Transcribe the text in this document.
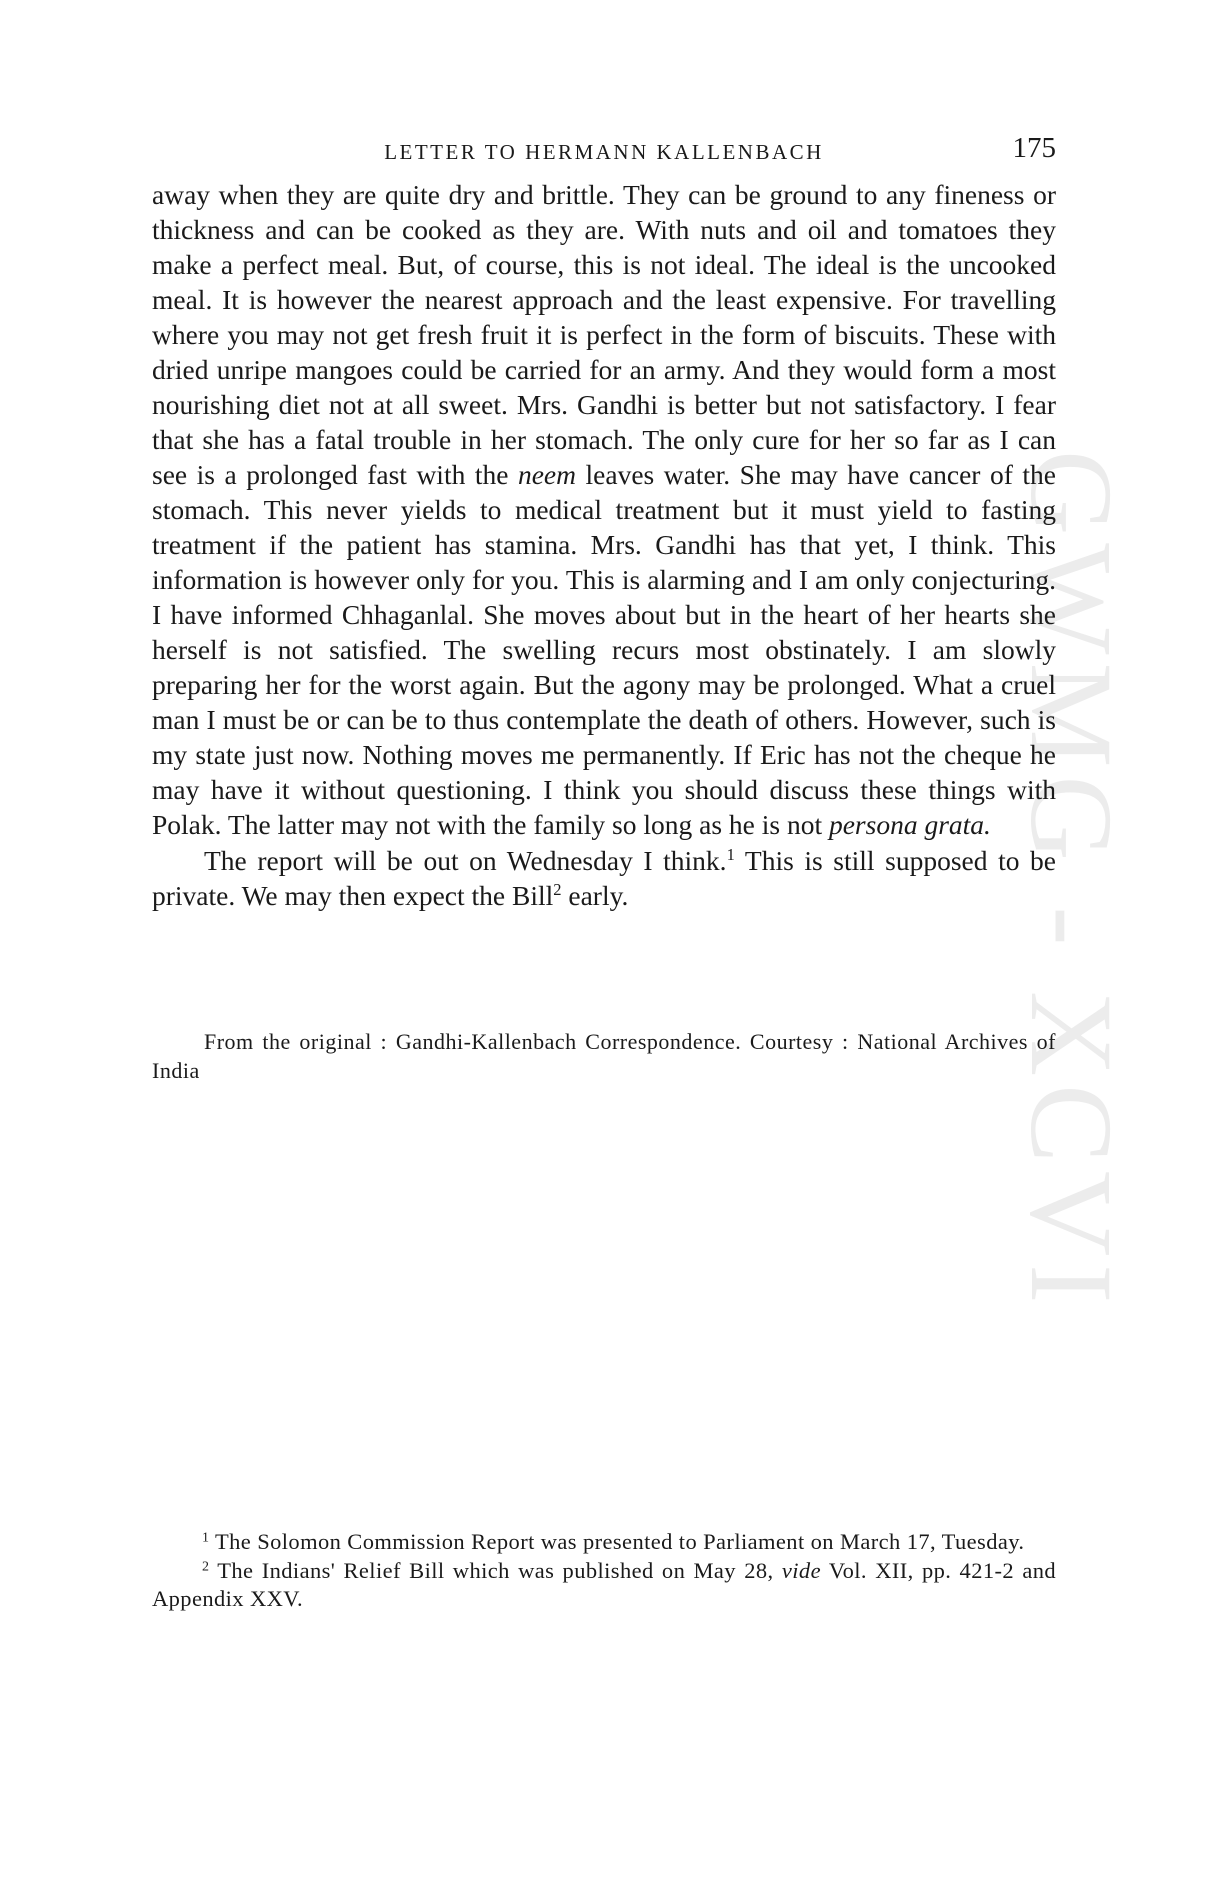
GWMG - XCVI
LETTER TO HERMANN KALLENBACH	175

away when they are quite dry and brittle. They can be ground to any fineness or thickness and can be cooked as they are. With nuts and oil and tomatoes they make a perfect meal. But, of course, this is not ideal. The ideal is the uncooked meal. It is however the nearest approach and the least expensive. For travelling where you may not get fresh fruit it is perfect in the form of biscuits. These with dried unripe mangoes could be carried for an army. And they would form a most nourishing diet not at all sweet. Mrs. Gandhi is better but not satisfactory. I fear that she has a fatal trouble in her stomach. The only cure for her so far as I can see is a prolonged fast with the neem leaves water. She may have cancer of the stomach. This never yields to medical treatment but it must yield to fasting treatment if the patient has stamina. Mrs. Gandhi has that yet, I think. This information is however only for you. This is alarming and I am only conjecturing. I have informed Chhaganlal. She moves about but in the heart of her hearts she herself is not satisfied. The swelling recurs most obstinately. I am slowly preparing her for the worst again. But the agony may be prolonged. What a cruel man I must be or can be to thus contemplate the death of others. However, such is my state just now. Nothing moves me permanently. If Eric has not the cheque he may have it without questioning. I think you should discuss these things with Polak. The latter may not with the family so long as he is not persona grata.

The report will be out on Wednesday I think.$^1$ This is still supposed to be private. We may then expect the Bill$^2$ early.

From the original : Gandhi-Kallenbach Correspondence. Courtesy : National Archives of India

$^1$ The Solomon Commission Report was presented to Parliament on March 17, Tuesday.

$^2$ The Indians' Relief Bill which was published on May 28, vide Vol. XII, pp. 421-2 and Appendix XXV.
